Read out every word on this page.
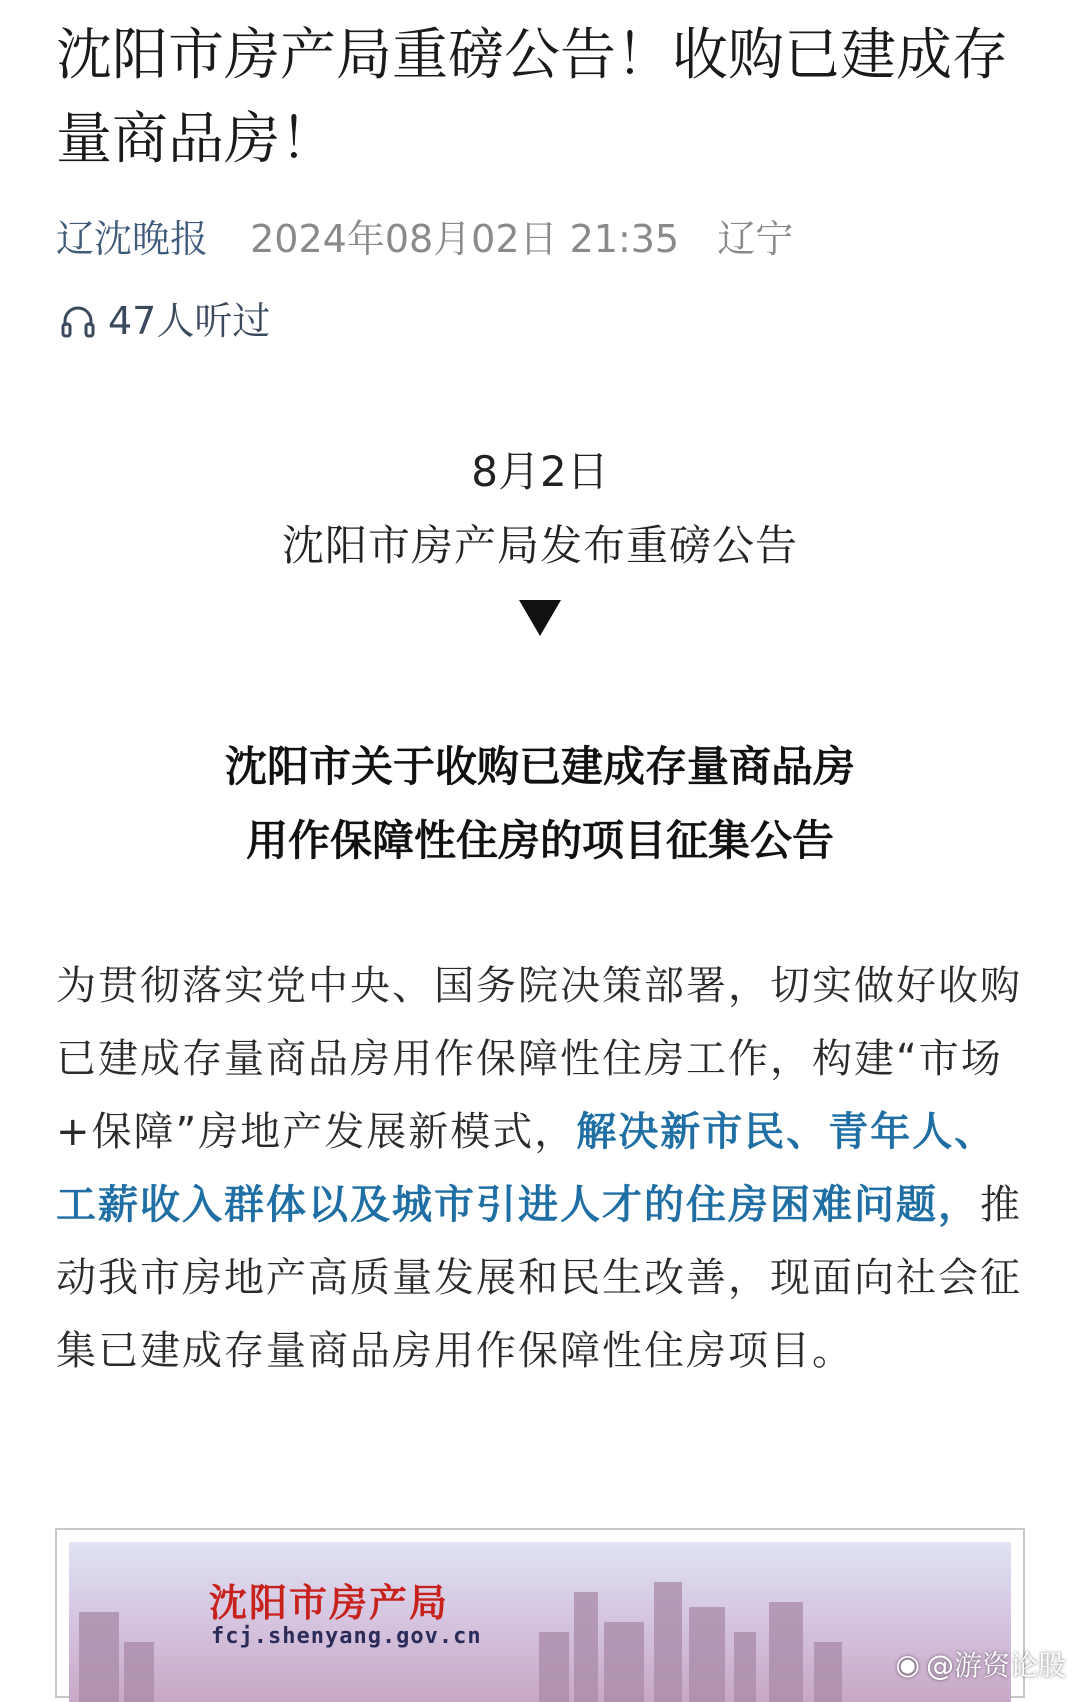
沈阳市房产局重磅公告！收购已建成存量商品房！
辽沈晚报 2024年08月02日 21:35 辽宁
47人听过
8月2日
沈阳市房产局发布重磅公告
沈阳市关于收购已建成存量商品房
用作保障性住房的项目征集公告

为贯彻落实党中央、国务院决策部署，切实做好收购已建成存量商品房用作保障性住房工作，构建“市场+保障”房地产发展新模式，解决新市民、青年人、工薪收入群体以及城市引进人才的住房困难问题，推动我市房地产高质量发展和民生改善，现面向社会征集已建成存量商品房用作保障性住房项目。

沈阳市房产局
fcj.shenyang.gov.cn
◉ @游资论股
